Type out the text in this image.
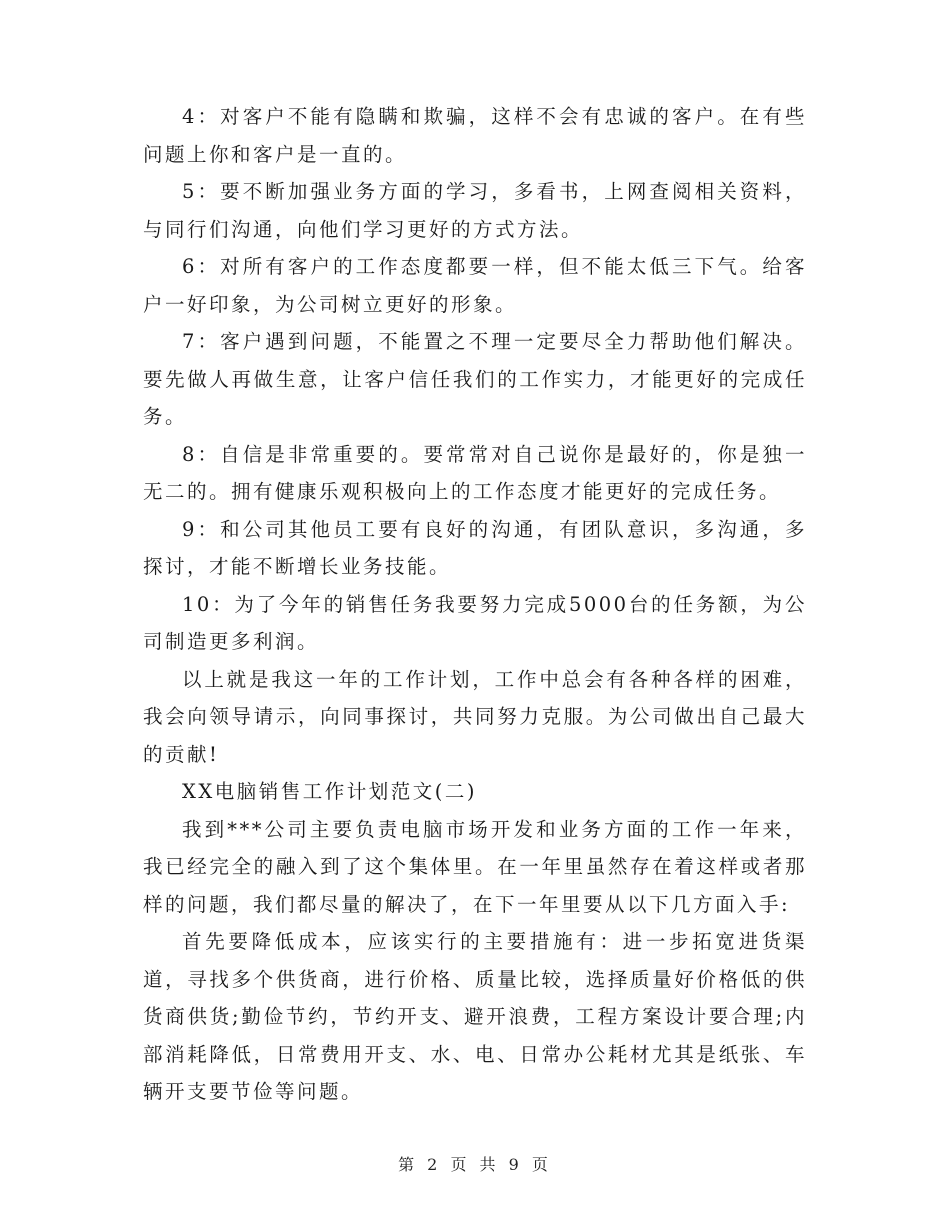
4：对客户不能有隐瞒和欺骗，这样不会有忠诚的客户。在有些问题上你和客户是一直的。

5：要不断加强业务方面的学习，多看书，上网查阅相关资料，与同行们沟通，向他们学习更好的方式方法。

6：对所有客户的工作态度都要一样，但不能太低三下气。给客户一好印象，为公司树立更好的形象。

7：客户遇到问题，不能置之不理一定要尽全力帮助他们解决。要先做人再做生意，让客户信任我们的工作实力，才能更好的完成任务。

8：自信是非常重要的。要常常对自己说你是最好的，你是独一无二的。拥有健康乐观积极向上的工作态度才能更好的完成任务。

9：和公司其他员工要有良好的沟通，有团队意识，多沟通，多探讨，才能不断增长业务技能。

10：为了今年的销售任务我要努力完成5000台的任务额，为公司制造更多利润。

以上就是我这一年的工作计划，工作中总会有各种各样的困难，我会向领导请示，向同事探讨，共同努力克服。为公司做出自己最大的贡献!

XX电脑销售工作计划范文(二)

我到***公司主要负责电脑市场开发和业务方面的工作一年来，我已经完全的融入到了这个集体里。在一年里虽然存在着这样或者那样的问题，我们都尽量的解决了，在下一年里要从以下几方面入手:

首先要降低成本，应该实行的主要措施有：进一步拓宽进货渠道，寻找多个供货商，进行价格、质量比较，选择质量好价格低的供货商供货;勤俭节约，节约开支、避开浪费，工程方案设计要合理;内部消耗降低，日常费用开支、水、电、日常办公耗材尤其是纸张、车辆开支要节俭等问题。

第 2 页 共 9 页
